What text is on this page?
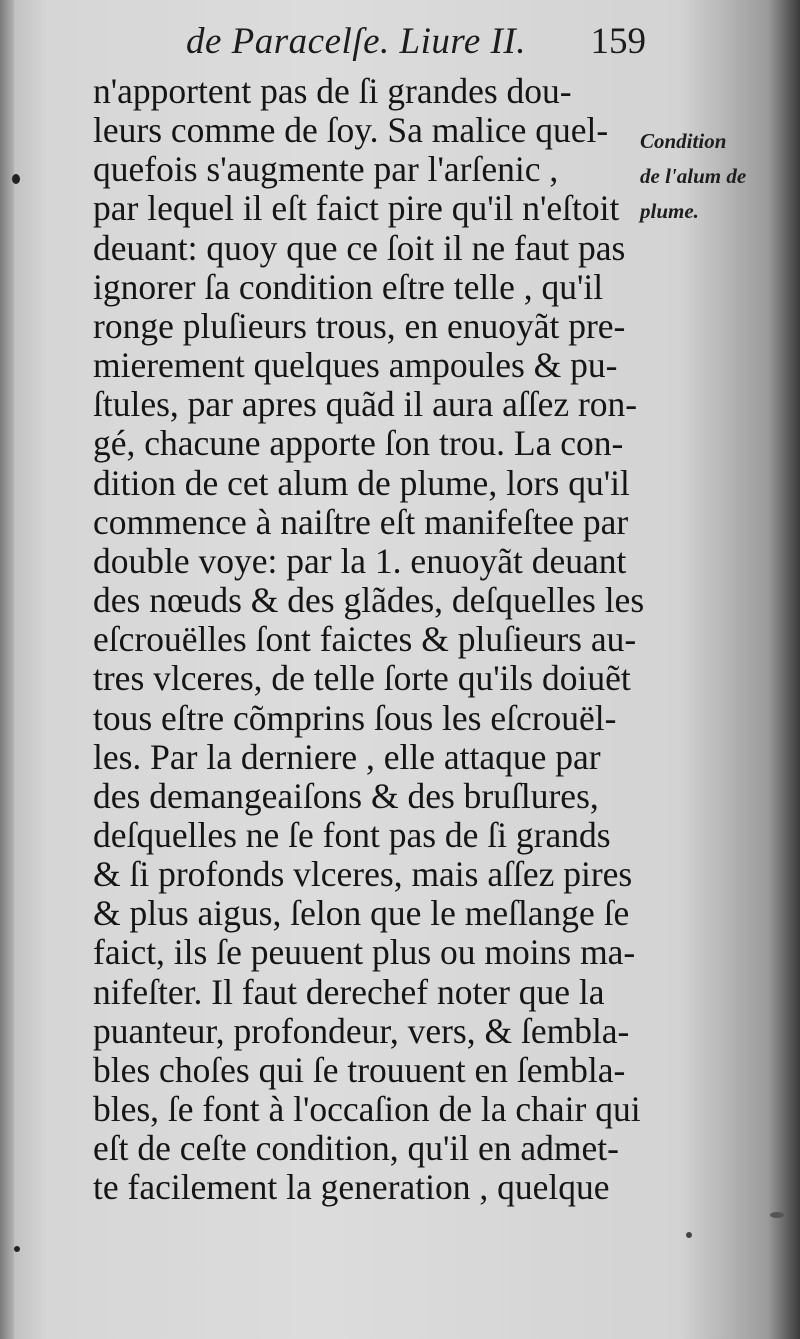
de Paracelſe. Liure II. 159
Condition
de l'alum de
plume.
n'apportent pas de ſi grandes dou-
leurs comme de ſoy. Sa malice quel-
quefois s'augmente par l'arſenic ,
par lequel il eſt faict pire qu'il n'eſtoit
deuant: quoy que ce ſoit il ne faut pas
ignorer ſa condition eſtre telle , qu'il
ronge pluſieurs trous, en enuoyãt pre-
mierement quelques ampoules & pu-
ſtules, par apres quãd il aura aſſez ron-
gé, chacune apporte ſon trou. La con-
dition de cet alum de plume, lors qu'il
commence à naiſtre eſt manifeſtee par
double voye: par la 1. enuoyãt deuant
des nœuds & des glãdes, deſquelles les
eſcrouëlles ſont faictes & pluſieurs au-
tres vlceres, de telle ſorte qu'ils doiuẽt
tous eſtre cõmprins ſous les eſcrouël-
les. Par la derniere , elle attaque par
des demangeaiſons & des bruſlures,
deſquelles ne ſe font pas de ſi grands
& ſi profonds vlceres, mais aſſez pires
& plus aigus, ſelon que le meſlange ſe
faict, ils ſe peuuent plus ou moins ma-
nifeſter. Il faut derechef noter que la
puanteur, profondeur, vers, & ſembla-
bles choſes qui ſe trouuent en ſembla-
bles, ſe font à l'occaſion de la chair qui
eſt de ceſte condition, qu'il en admet-
te facilement la generation , quelque
